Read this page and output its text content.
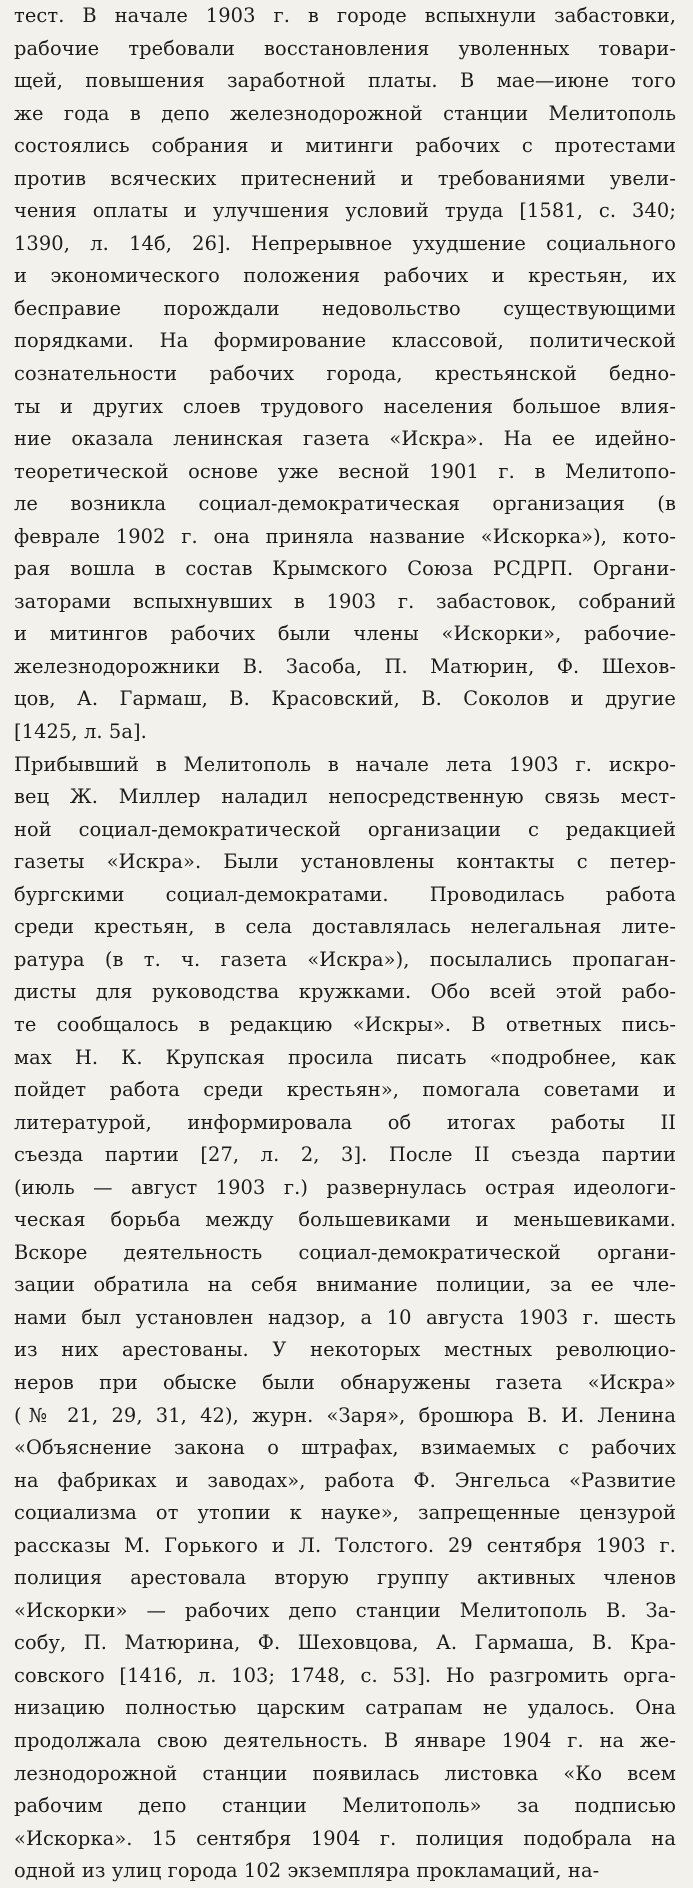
тест. В начале 1903 г. в городе вспыхнули забастовки,
рабочие требовали восстановления уволенных товари-
щей, повышения заработной платы. В мае—июне того
же года в депо железнодорожной станции Мелитополь
состоялись собрания и митинги рабочих с протестами
против всяческих притеснений и требованиями увели-
чения оплаты и улучшения условий труда [1581, с. 340;
1390, л. 14б, 26]. Непрерывное ухудшение социального
и экономического положения рабочих и крестьян, их
бесправие порождали недовольство существующими
порядками. На формирование классовой, политической
сознательности рабочих города, крестьянской бедно-
ты и других слоев трудового населения большое влия-
ние оказала ленинская газета «Искра». На ее идейно-
теоретической основе уже весной 1901 г. в Мелитопо-
ле возникла социал-демократическая организация (в
феврале 1902 г. она приняла название «Искорка»), кото-
рая вошла в состав Крымского Союза РСДРП. Органи-
заторами вспыхнувших в 1903 г. забастовок, собраний
и митингов рабочих были члены «Искорки», рабочие-
железнодорожники В. Засоба, П. Матюрин, Ф. Шехов-
цов, А. Гармаш, В. Красовский, В. Соколов и другие
[1425, л. 5а].
Прибывший в Мелитополь в начале лета 1903 г. искро-
вец Ж. Миллер наладил непосредственную связь мест-
ной социал-демократической организации с редакцией
газеты «Искра». Были установлены контакты с петер-
бургскими социал-демократами. Проводилась работа
среди крестьян, в села доставлялась нелегальная лите-
ратура (в т. ч. газета «Искра»), посылались пропаган-
дисты для руководства кружками. Обо всей этой рабо-
те сообщалось в редакцию «Искры». В ответных пись-
мах Н. К. Крупская просила писать «подробнее, как
пойдет работа среди крестьян», помогала советами и
литературой, информировала об итогах работы II
съезда партии [27, л. 2, 3]. После II съезда партии
(июль — август 1903 г.) развернулась острая идеологи-
ческая борьба между большевиками и меньшевиками.
Вскоре деятельность социал-демократической органи-
зации обратила на себя внимание полиции, за ее чле-
нами был установлен надзор, а 10 августа 1903 г. шесть
из них арестованы. У некоторых местных революцио-
неров при обыске были обнаружены газета «Искра»
(№ 21, 29, 31, 42), журн. «Заря», брошюра В. И. Ленина
«Объяснение закона о штрафах, взимаемых с рабочих
на фабриках и заводах», работа Ф. Энгельса «Развитие
социализма от утопии к науке», запрещенные цензурой
рассказы М. Горького и Л. Толстого. 29 сентября 1903 г.
полиция арестовала вторую группу активных членов
«Искорки» — рабочих депо станции Мелитополь В. За-
собу, П. Матюрина, Ф. Шеховцова, А. Гармаша, В. Кра-
совского [1416, л. 103; 1748, с. 53]. Но разгромить орга-
низацию полностью царским сатрапам не удалось. Она
продолжала свою деятельность. В январе 1904 г. на же-
лезнодорожной станции появилась листовка «Ко всем
рабочим депо станции Мелитополь» за подписью
«Искорка». 15 сентября 1904 г. полиция подобрала на
одной из улиц города 102 экземпляра прокламаций, на-
